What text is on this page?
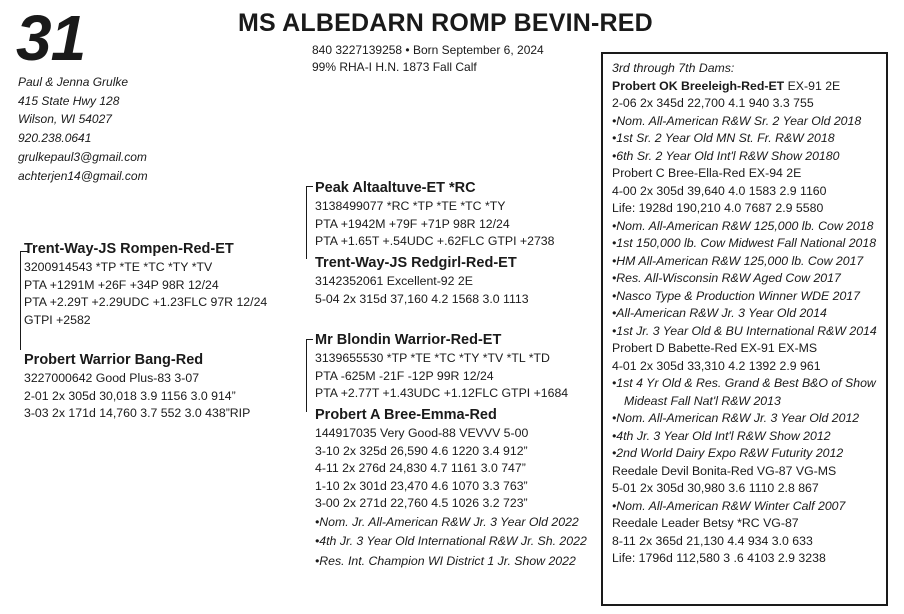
31	MS ALBEDARN ROMP BEVIN-RED
840 3227139258 • Born September 6, 2024
99% RHA-I H.N. 1873 Fall Calf
Paul & Jenna Grulke
415 State Hwy 128
Wilson, WI 54027
920.238.0641
grulkepaul3@gmail.com
achterjen14@gmail.com
Trent-Way-JS Rompen-Red-ET
3200914543 *TP *TE *TC *TY *TV
PTA +1291M +26F +34P 98R 12/24
PTA +2.29T +2.29UDC +1.23FLC 97R 12/24
GTPI +2582
Probert Warrior Bang-Red
3227000642 Good Plus-83 3-07
2-01 2x 305d 30,018 3.9 1156 3.0 914”
3-03 2x 171d 14,760 3.7 552 3.0 438”RIP
Peak Altaaltuve-ET *RC
3138499077 *RC *TP *TE *TC *TY
PTA +1942M +79F +71P 98R 12/24
PTA +1.65T +.54UDC +.62FLC GTPI +2738
Trent-Way-JS Redgirl-Red-ET
3142352061 Excellent-92 2E
5-04 2x 315d 37,160 4.2 1568 3.0 1113
Mr Blondin Warrior-Red-ET
3139655530 *TP *TE *TC *TY *TV *TL *TD
PTA -625M -21F -12P 99R 12/24
PTA +2.77T +1.43UDC +1.12FLC GTPI +1684
Probert A Bree-Emma-Red
144917035 Very Good-88 VEVVV 5-00
3-10 2x 325d 26,590 4.6 1220 3.4 912”
4-11 2x 276d 24,830 4.7 1161 3.0 747”
1-10 2x 301d 23,470 4.6 1070 3.3 763”
3-00 2x 271d 22,760 4.5 1026 3.2 723”
•Nom. Jr. All-American R&W Jr. 3 Year Old 2022
•4th Jr. 3 Year Old International R&W Jr. Sh. 2022
•Res. Int. Champion WI District 1 Jr. Show 2022
3rd through 7th Dams:
Probert OK Breeleigh-Red-ET EX-91 2E
2-06 2x 345d 22,700 4.1 940 3.3 755
•Nom. All-American R&W Sr. 2 Year Old 2018
•1st Sr. 2 Year Old MN St. Fr. R&W 2018
•6th Sr. 2 Year Old Int'l R&W Show 20180
Probert C Bree-Ella-Red EX-94 2E
4-00 2x 305d 39,640 4.0 1583 2.9 1160
Life: 1928d 190,210 4.0 7687 2.9 5580
•Nom. All-American R&W 125,000 lb. Cow 2018
•1st 150,000 lb. Cow Midwest Fall National 2018
•HM All-American R&W 125,000 lb. Cow 2017
•Res. All-Wisconsin R&W Aged Cow 2017
•Nasco Type & Production Winner WDE 2017
•All-American R&W Jr. 3 Year Old 2014
•1st Jr. 3 Year Old & BU International R&W 2014
Probert D Babette-Red EX-91 EX-MS
4-01 2x 305d 33,310 4.2 1392 2.9 961
•1st 4 Yr Old & Res. Grand & Best B&O of Show
Mideast Fall Nat'l R&W 2013
•Nom. All-American R&W Jr. 3 Year Old 2012
•4th Jr. 3 Year Old Int'l R&W Show 2012
•2nd World Dairy Expo R&W Futurity 2012
Reedale Devil Bonita-Red VG-87 VG-MS
5-01 2x 305d 30,980 3.6 1110 2.8 867
•Nom. All-American R&W Winter Calf 2007
Reedale Leader Betsy *RC VG-87
8-11 2x 365d 21,130 4.4 934 3.0 633
Life: 1796d 112,580 3 .6 4103 2.9 3238
